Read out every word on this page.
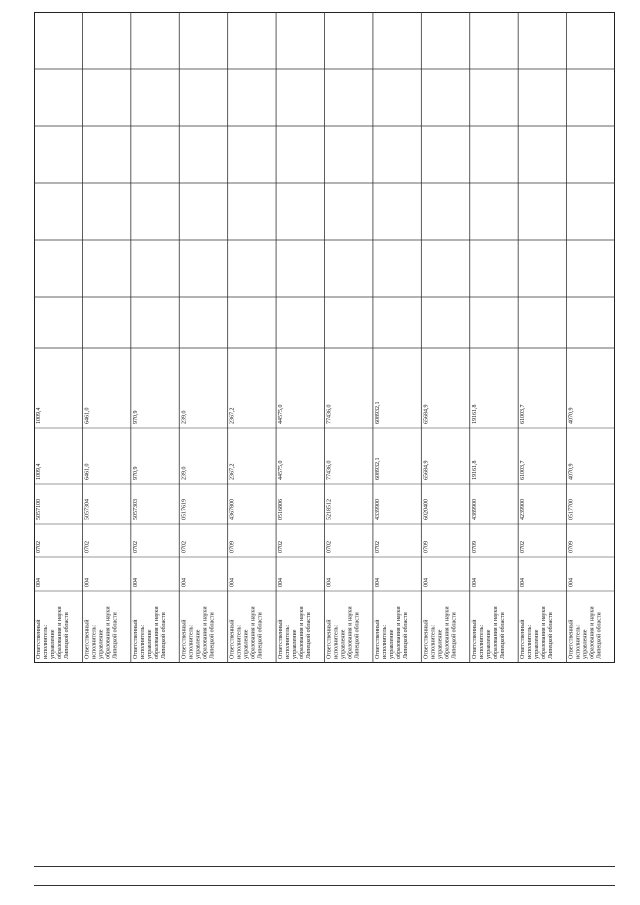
1009,4
1009,4
5057100
0702
004
Ответственный исполнитель: управление образования и науки Липецкой области
6461,0
6461,0
5057304
0702
004
Ответственный исполнитель: управление образования и науки Липецкой области
970,9
970,9
5057303
0702
004
Ответственный исполнитель: управление образования и науки Липецкой области
239,0
239,0
0517619
0702
004
Ответственный исполнитель: управление образования и науки Липецкой области
2367,2
2367,2
4367800
0709
004
Ответственный исполнитель: управление образования и науки Липецкой области
44575,0
44575,0
0516806
0702
004
Ответственный исполнитель: управление образования и науки Липецкой области
77436,0
77436,0
5218512
0702
004
Ответственный исполнитель: управление образования и науки Липецкой области
608932,1
608932,1
4339900
0702
004
Ответственный исполнитель: управление образования и науки Липецкой области
65684,9
65684,9
6020400
0709
004
Ответственный исполнитель: управление образования и науки Липецкой области
19161,8
19161,8
4389900
0709
004
Ответственный исполнитель: управление образования и науки Липецкой области
61003,7
61003,7
4239900
0702
004
Ответственный исполнитель: управление образования и науки Липецкой области
4070,9
4070,9
0517700
0709
004
Ответственный исполнитель: управление образования и науки Липецкой области
